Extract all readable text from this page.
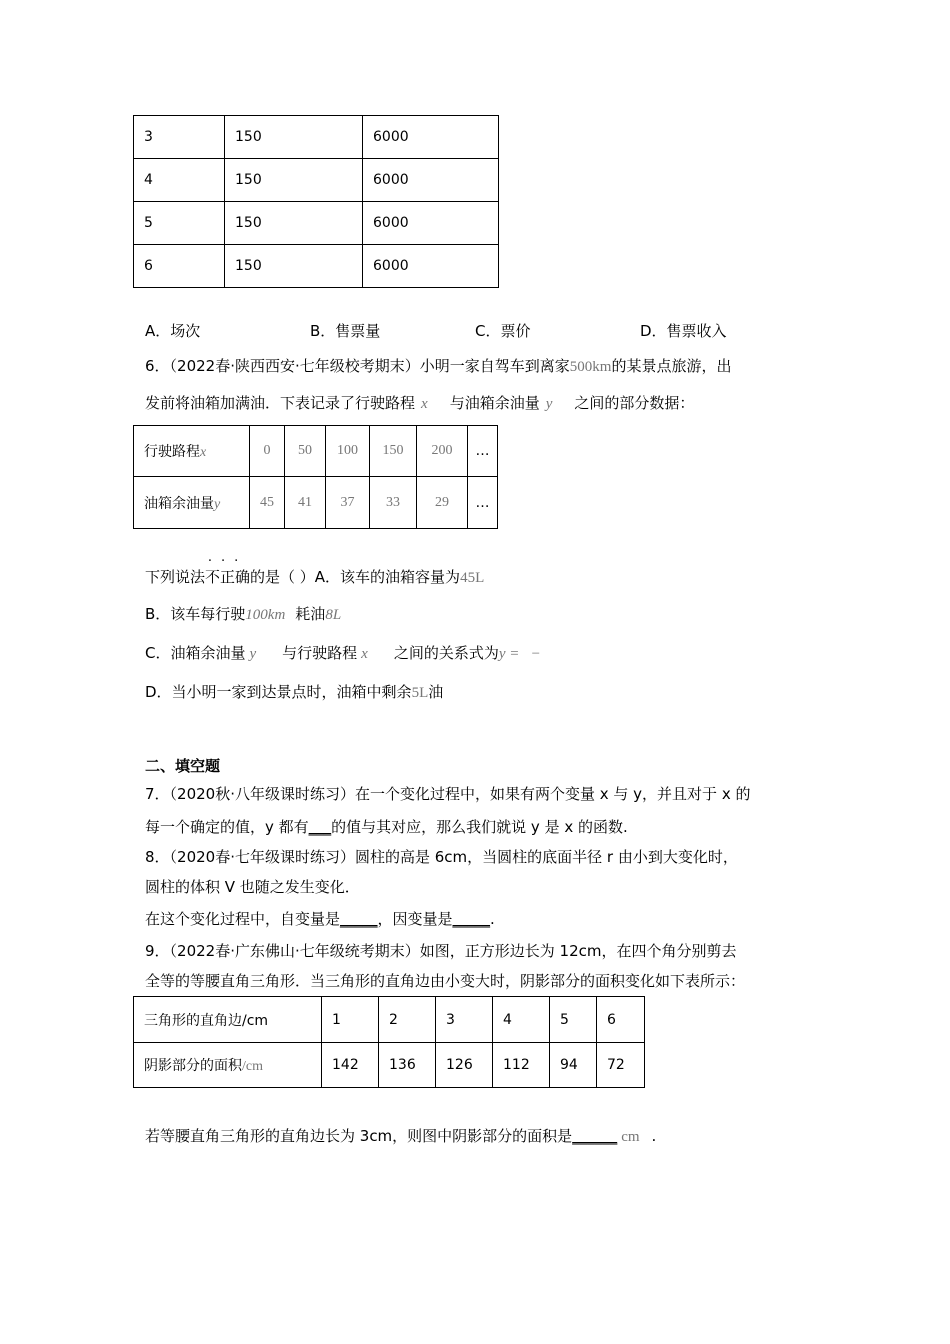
3	150	6000
4	150	6000
5	150	6000
6	150	6000
A．场次	B．售票量	C．票价	D．售票收入
6．（2022春·陕西西安·七年级校考期末）小明一家自驾车到离家500km的某景点旅游，出
发前将油箱加满油．下表记录了行驶路程 x 与油箱余油量 y 之间的部分数据：
行驶路程x	0	50	100	150	200	…
油箱余油量y	45	41	37	33	29	…
下列说法不正确
···
的是（ ）A．该车的油箱容量为45L
B．该车每行驶100km 耗油8L
C．油箱余油量 y 与行驶路程 x 之间的关系式为y =   −
D．当小明一家到达景点时，油箱中剩余5L油
二、填空题
7．（2020秋·八年级课时练习）在一个变化过程中，如果有两个变量 x 与 y，并且对于 x 的
每一个确定的值，y 都有___的值与其对应，那么我们就说 y 是 x 的函数.
8．（2020春·七年级课时练习）圆柱的高是 6cm，当圆柱的底面半径 r 由小到大变化时，
圆柱的体积 V 也随之发生变化．
在这个变化过程中，自变量是_____，因变量是_____.
9．（2022春·广东佛山·七年级统考期末）如图，正方形边长为 12cm，在四个角分别剪去
全等的等腰直角三角形．当三角形的直角边由小变大时，阴影部分的面积变化如下表所示：
三角形的直角边/cm	1	2	3	4	5	6
阴影部分的面积/cm	142	136	126	112	94	72
若等腰直角三角形的直角边长为 3cm，则图中阴影部分的面积是______ cm .
